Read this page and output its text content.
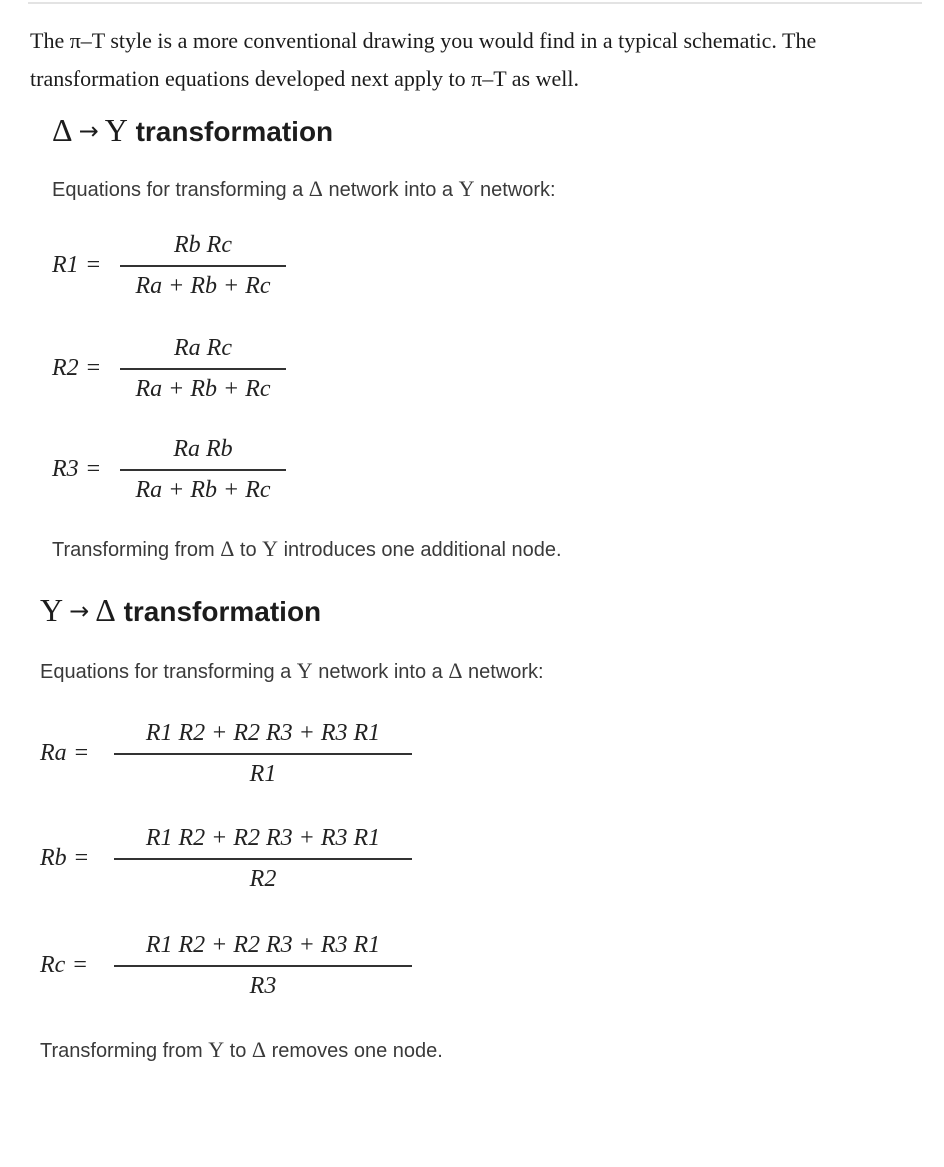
The π–T style is a more conventional drawing you would find in a typical schematic. The

transformation equations developed next apply to π–T as well.

Δ → Y transformation
Equations for transforming a Δ network into a Y network:
R1 =
Rb Rc
Ra + Rb + Rc
R2 =
Ra Rc
Ra + Rb + Rc
R3 =
Ra Rb
Ra + Rb + Rc
Transforming from Δ to Y introduces one additional node.
Y → Δ transformation
Equations for transforming a Y network into a Δ network:
Ra =
R1 R2 + R2 R3 + R3 R1
R1
Rb =
R1 R2 + R2 R3 + R3 R1
R2
Rc =
R1 R2 + R2 R3 + R3 R1
R3
Transforming from Y to Δ removes one node.
